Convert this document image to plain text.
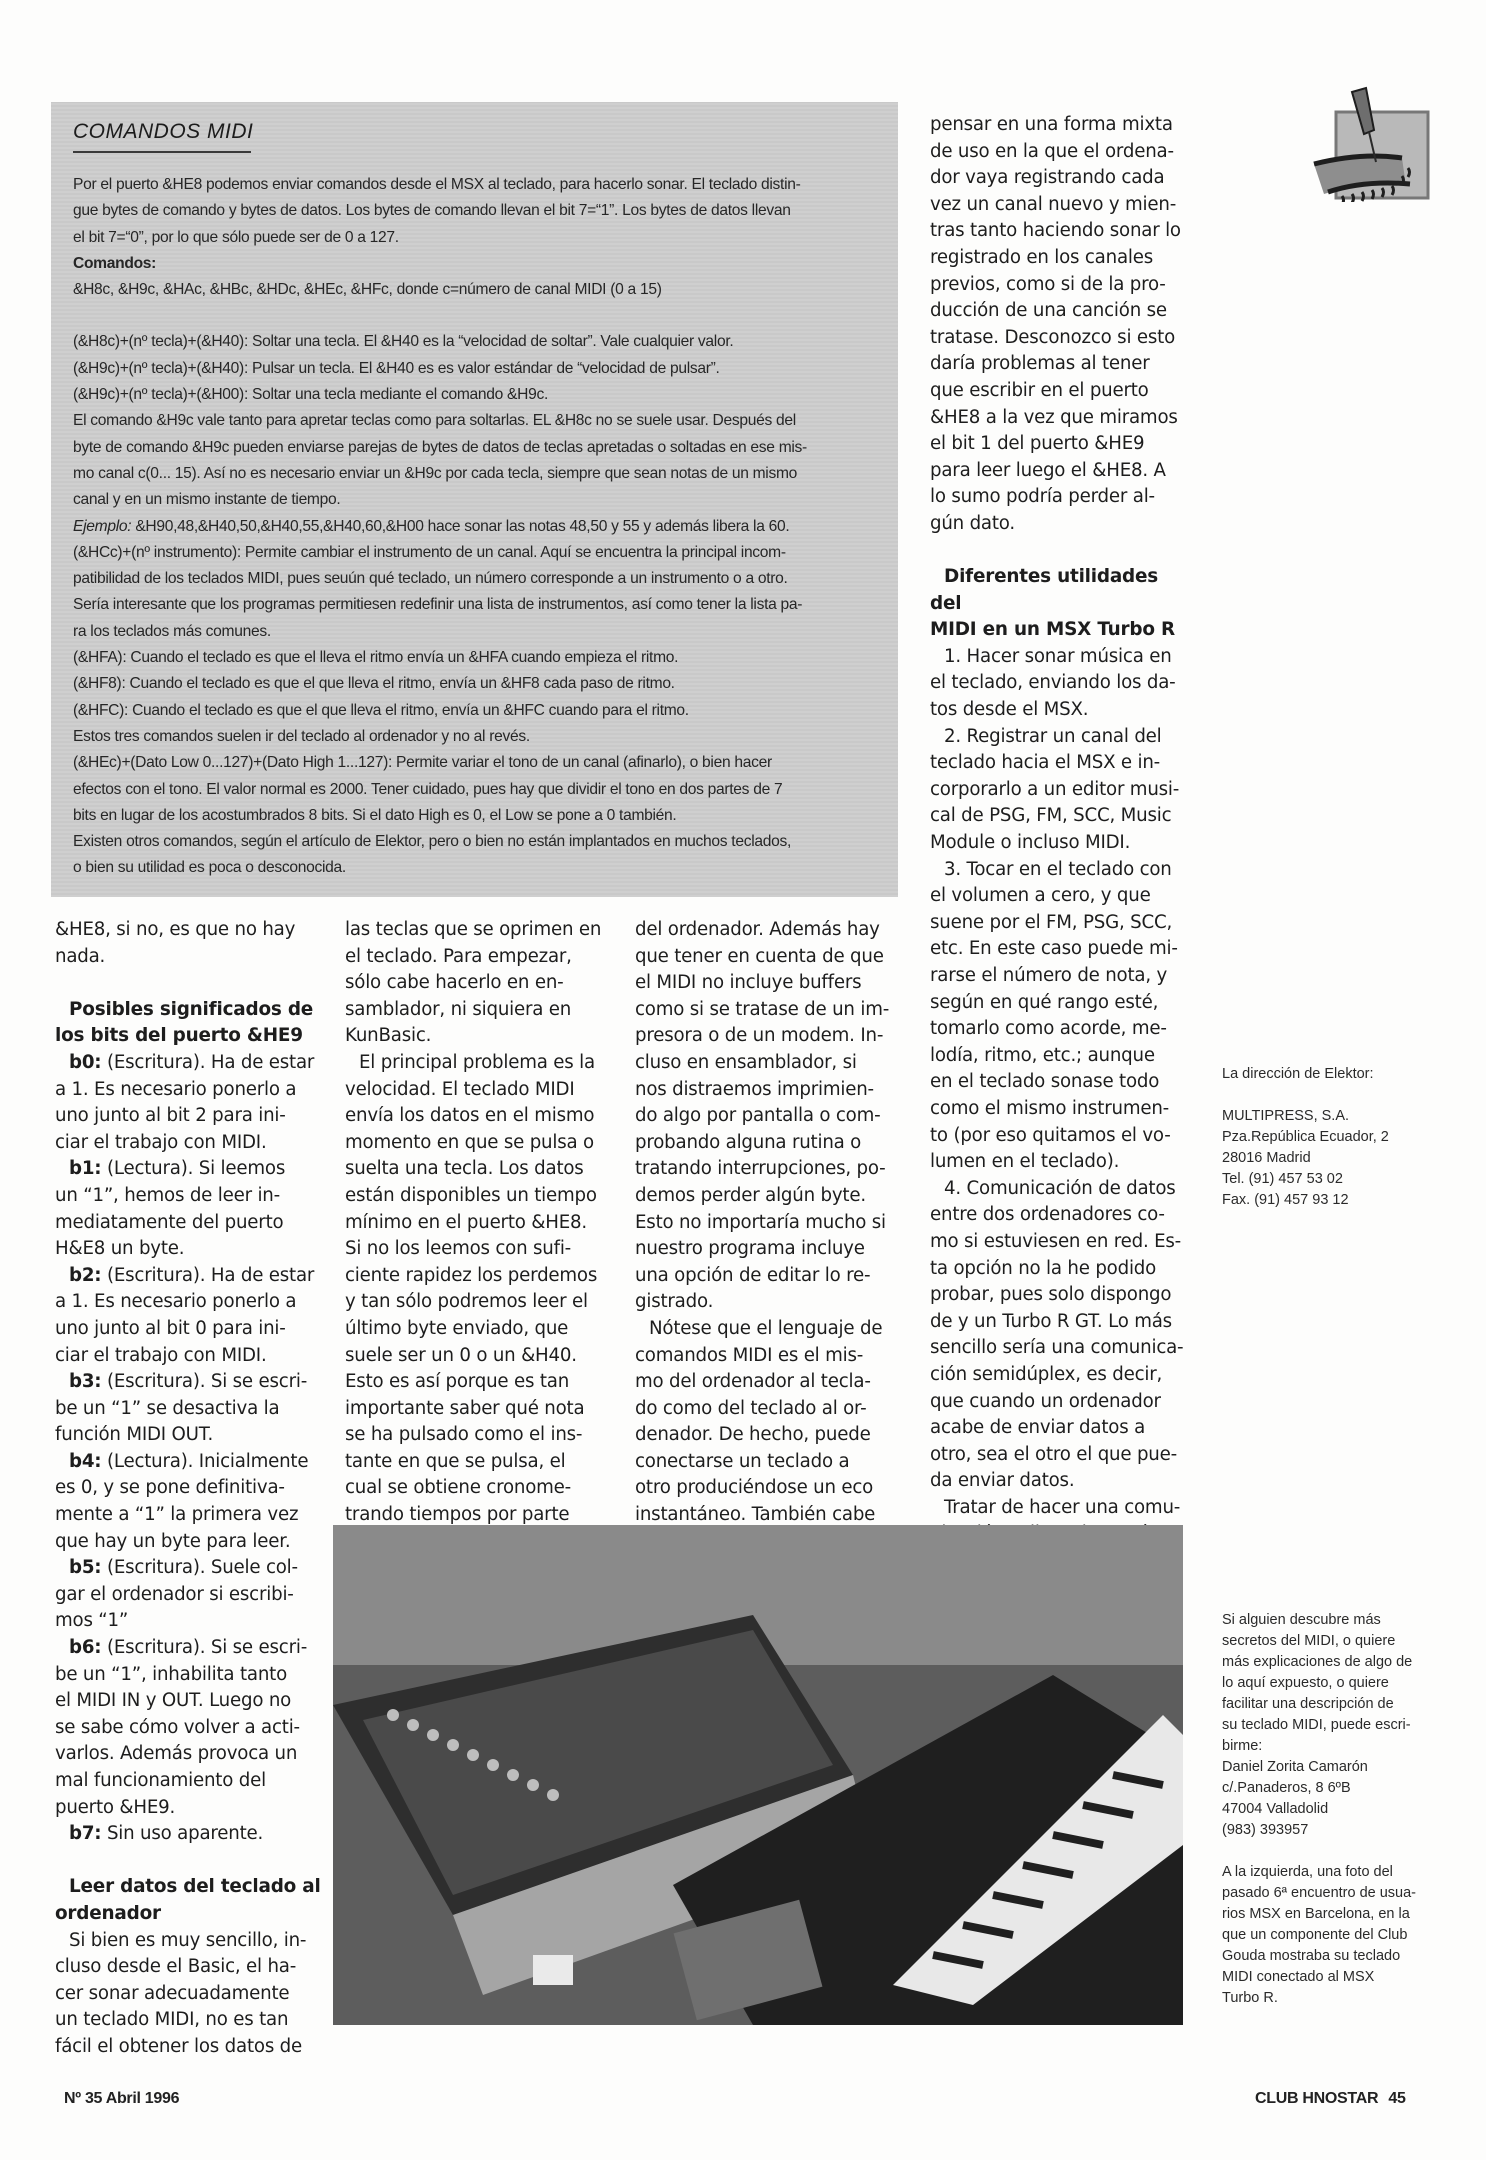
COMANDOS MIDI

Por el puerto &HE8 podemos enviar comandos desde el MSX al teclado, para hacerlo sonar. El teclado distin-

gue bytes de comando y bytes de datos. Los bytes de comando llevan el bit 7=“1”. Los bytes de datos llevan

el bit 7=“0”, por lo que sólo puede ser de 0 a 127.

Comandos:

&H8c, &H9c, &HAc, &HBc, &HDc, &HEc, &HFc, donde c=número de canal MIDI (0 a 15)

(&H8c)+(nº tecla)+(&H40): Soltar una tecla. El &H40 es la “velocidad de soltar”. Vale cualquier valor.

(&H9c)+(nº tecla)+(&H40): Pulsar un tecla. El &H40 es es valor estándar de “velocidad de pulsar”.

(&H9c)+(nº tecla)+(&H00): Soltar una tecla mediante el comando &H9c.

El comando &H9c vale tanto para apretar teclas como para soltarlas. EL &H8c no se suele usar. Después del

byte de comando &H9c pueden enviarse parejas de bytes de datos de teclas apretadas o soltadas en ese mis-

mo canal c(0... 15). Así no es necesario enviar un &H9c por cada tecla, siempre que sean notas de un mismo

canal y en un mismo instante de tiempo.

Ejemplo: &H90,48,&H40,50,&H40,55,&H40,60,&H00 hace sonar las notas 48,50 y 55 y además libera la 60.

(&HCc)+(nº instrumento): Permite cambiar el instrumento de un canal. Aquí se encuentra la principal incom-

patibilidad de los teclados MIDI, pues seuún qué teclado, un número corresponde a un instrumento o a otro.

Sería interesante que los programas permitiesen redefinir una lista de instrumentos, así como tener la lista pa-

ra los teclados más comunes.

(&HFA): Cuando el teclado es que el lleva el ritmo envía un &HFA cuando empieza el ritmo.

(&HF8): Cuando el teclado es que el que lleva el ritmo, envía un &HF8 cada paso de ritmo.

(&HFC): Cuando el teclado es que el que lleva el ritmo, envía un &HFC cuando para el ritmo.

Estos tres comandos suelen ir del teclado al ordenador y no al revés.

(&HEc)+(Dato Low 0...127)+(Dato High 1...127): Permite variar el tono de un canal (afinarlo), o bien hacer

efectos con el tono. El valor normal es 2000. Tener cuidado, pues hay que dividir el tono en dos partes de 7

bits en lugar de los acostumbrados 8 bits. Si el dato High es 0, el Low se pone a 0 también.

Existen otros comandos, según el artículo de Elektor, pero o bien no están implantados en muchos teclados,

o bien su utilidad es poca o desconocida.

pensar en una forma mixta

de uso en la que el ordena-

dor vaya registrando cada

vez un canal nuevo y mien-

tras tanto haciendo sonar lo

registrado en los canales

previos, como si de la pro-

ducción de una canción se

tratase. Desconozco si esto

daría problemas al tener

que escribir en el puerto

&HE8 a la vez que miramos

el bit 1 del puerto &HE9

para leer luego el &HE8. A

lo sumo podría perder al-

gún dato.

Diferentes utilidades del
MIDI en un MSX Turbo R

1. Hacer sonar música en

el teclado, enviando los da-

tos desde el MSX.

2. Registrar un canal del

teclado hacia el MSX e in-

corporarlo a un editor musi-

cal de PSG, FM, SCC, Music

Module o incluso MIDI.

3. Tocar en el teclado con

el volumen a cero, y que

suene por el FM, PSG, SCC,

etc. En este caso puede mi-

rarse el número de nota, y

según en qué rango esté,

tomarlo como acorde, me-

lodía, ritmo, etc.; aunque

en el teclado sonase todo

como el mismo instrumen-

to (por eso quitamos el vo-

lumen en el teclado).

4. Comunicación de datos

entre dos ordenadores co-

mo si estuviesen en red. Es-

ta opción no la he podido

probar, pues solo dispongo

de y un Turbo R GT. Lo más

sencillo sería una comunica-

ción semidúplex, es decir,

que cuando un ordenador

acabe de enviar datos a

otro, sea el otro el que pue-

da enviar datos.

Tratar de hacer una comu-

&HE8, si no, es que no hay

nada.

Posibles significados de
los bits del puerto &HE9

b0: (Escritura). Ha de estar

a 1. Es necesario ponerlo a

uno junto al bit 2 para ini-

ciar el trabajo con MIDI.

b1: (Lectura). Si leemos

un “1”, hemos de leer in-

mediatamente del puerto

H&E8 un byte.

b2: (Escritura). Ha de estar

a 1. Es necesario ponerlo a

uno junto al bit 0 para ini-

ciar el trabajo con MIDI.

b3: (Escritura). Si se escri-

be un “1” se desactiva la

función MIDI OUT.

b4: (Lectura). Inicialmente

es 0, y se pone definitiva-

mente a “1” la primera vez

que hay un byte para leer.

b5: (Escritura). Suele col-

gar el ordenador si escribi-

mos “1”

b6: (Escritura). Si se escri-

be un “1”, inhabilita tanto

el MIDI IN y OUT. Luego no

se sabe cómo volver a acti-

varlos. Además provoca un

mal funcionamiento del

puerto &HE9.

b7: Sin uso aparente.

Leer datos del teclado al
ordenador

Si bien es muy sencillo, in-

cluso desde el Basic, el ha-

cer sonar adecuadamente

un teclado MIDI, no es tan

fácil el obtener los datos de

las teclas que se oprimen en

el teclado. Para empezar,

sólo cabe hacerlo en en-

samblador, ni siquiera en

KunBasic.

El principal problema es la

velocidad. El teclado MIDI

envía los datos en el mismo

momento en que se pulsa o

suelta una tecla. Los datos

están disponibles un tiempo

mínimo en el puerto &HE8.

Si no los leemos con sufi-

ciente rapidez los perdemos

y tan sólo podremos leer el

último byte enviado, que

suele ser un 0 o un &H40.

Esto es así porque es tan

importante saber qué nota

se ha pulsado como el ins-

tante en que se pulsa, el

cual se obtiene cronome-

trando tiempos por parte

del ordenador. Además hay

que tener en cuenta de que

el MIDI no incluye buffers

como si se tratase de un im-

presora o de un modem. In-

cluso en ensamblador, si

nos distraemos imprimien-

do algo por pantalla o com-

probando alguna rutina o

tratando interrupciones, po-

demos perder algún byte.

Esto no importaría mucho si

nuestro programa incluye

una opción de editar lo re-

gistrado.

Nótese que el lenguaje de

comandos MIDI es el mis-

mo del ordenador al tecla-

do como del teclado al or-

denador. De hecho, puede

conectarse un teclado a

otro produciéndose un eco

instantáneo. También cabe

La dirección de Elektor:

MULTIPRESS, S.A.

Pza.República Ecuador, 2

28016 Madrid

Tel. (91) 457 53 02

Fax. (91) 457 93 12

Si alguien descubre más

secretos del MIDI, o quiere

más explicaciones de algo de

lo aquí expuesto, o quiere

facilitar una descripción de

su teclado MIDI, puede escri-

birme:

Daniel Zorita Camarón

c/.Panaderos, 8 6ºB

47004 Valladolid

(983) 393957

A la izquierda, una foto del

pasado 6ª encuentro de usua-

rios MSX en Barcelona, en la

que un componente del Club

Gouda mostraba su teclado

MIDI conectado al MSX

Turbo R.

Nº 35 Abril 1996	CLUB HNOSTAR 45
